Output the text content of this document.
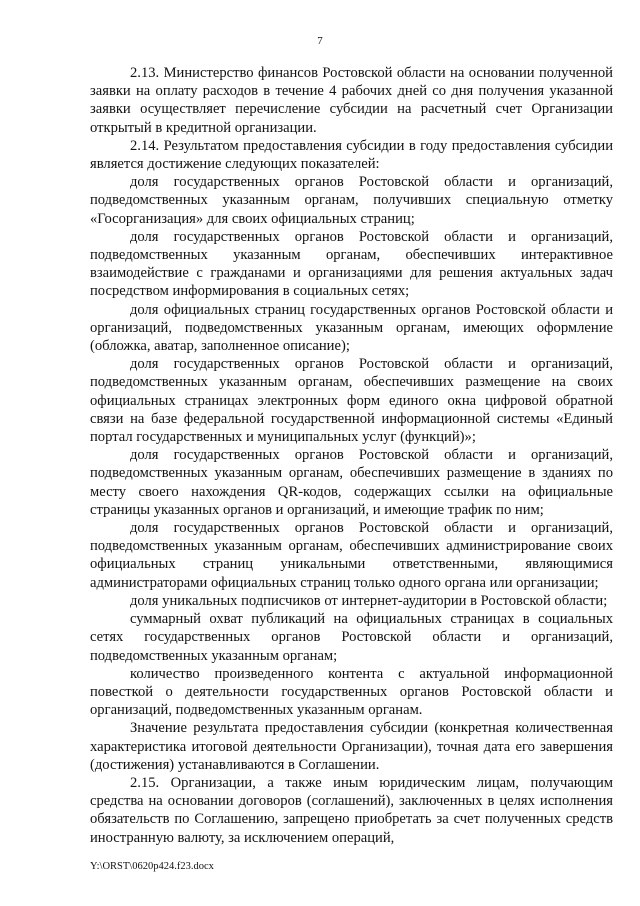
7

2.13. Министерство финансов Ростовской области на основании полученной заявки на оплату расходов в течение 4 рабочих дней со дня получения указанной заявки осуществляет перечисление субсидии на расчетный счет Организации открытый в кредитной организации.

2.14. Результатом предоставления субсидии в году предоставления субсидии является достижение следующих показателей:

доля государственных органов Ростовской области и организаций, подведомственных указанным органам, получивших специальную отметку «Госорганизация» для своих официальных страниц;

доля государственных органов Ростовской области и организаций, подведомственных указанным органам, обеспечивших интерактивное взаимодействие с гражданами и организациями для решения актуальных задач посредством информирования в социальных сетях;

доля официальных страниц государственных органов Ростовской области и организаций, подведомственных указанным органам, имеющих оформление (обложка, аватар, заполненное описание);

доля государственных органов Ростовской области и организаций, подведомственных указанным органам, обеспечивших размещение на своих официальных страницах электронных форм единого окна цифровой обратной связи на базе федеральной государственной информационной системы «Единый портал государственных и муниципальных услуг (функций)»;

доля государственных органов Ростовской области и организаций, подведомственных указанным органам, обеспечивших размещение в зданиях по месту своего нахождения QR-кодов, содержащих ссылки на официальные страницы указанных органов и организаций, и имеющие трафик по ним;

доля государственных органов Ростовской области и организаций, подведомственных указанным органам, обеспечивших администрирование своих официальных страниц уникальными ответственными, являющимися администраторами официальных страниц только одного органа или организации;

доля уникальных подписчиков от интернет-аудитории в Ростовской области;

суммарный охват публикаций на официальных страницах в социальных сетях государственных органов Ростовской области и организаций, подведомственных указанным органам;

количество произведенного контента с актуальной информационной повесткой о деятельности государственных органов Ростовской области и организаций, подведомственных указанным органам.

Значение результата предоставления субсидии (конкретная количественная характеристика итоговой деятельности Организации), точная дата его завершения (достижения) устанавливаются в Соглашении.

2.15. Организации, а также иным юридическим лицам, получающим средства на основании договоров (соглашений), заключенных в целях исполнения обязательств по Соглашению, запрещено приобретать за счет полученных средств иностранную валюту, за исключением операций,

Y:\ORST\0620p424.f23.docx
